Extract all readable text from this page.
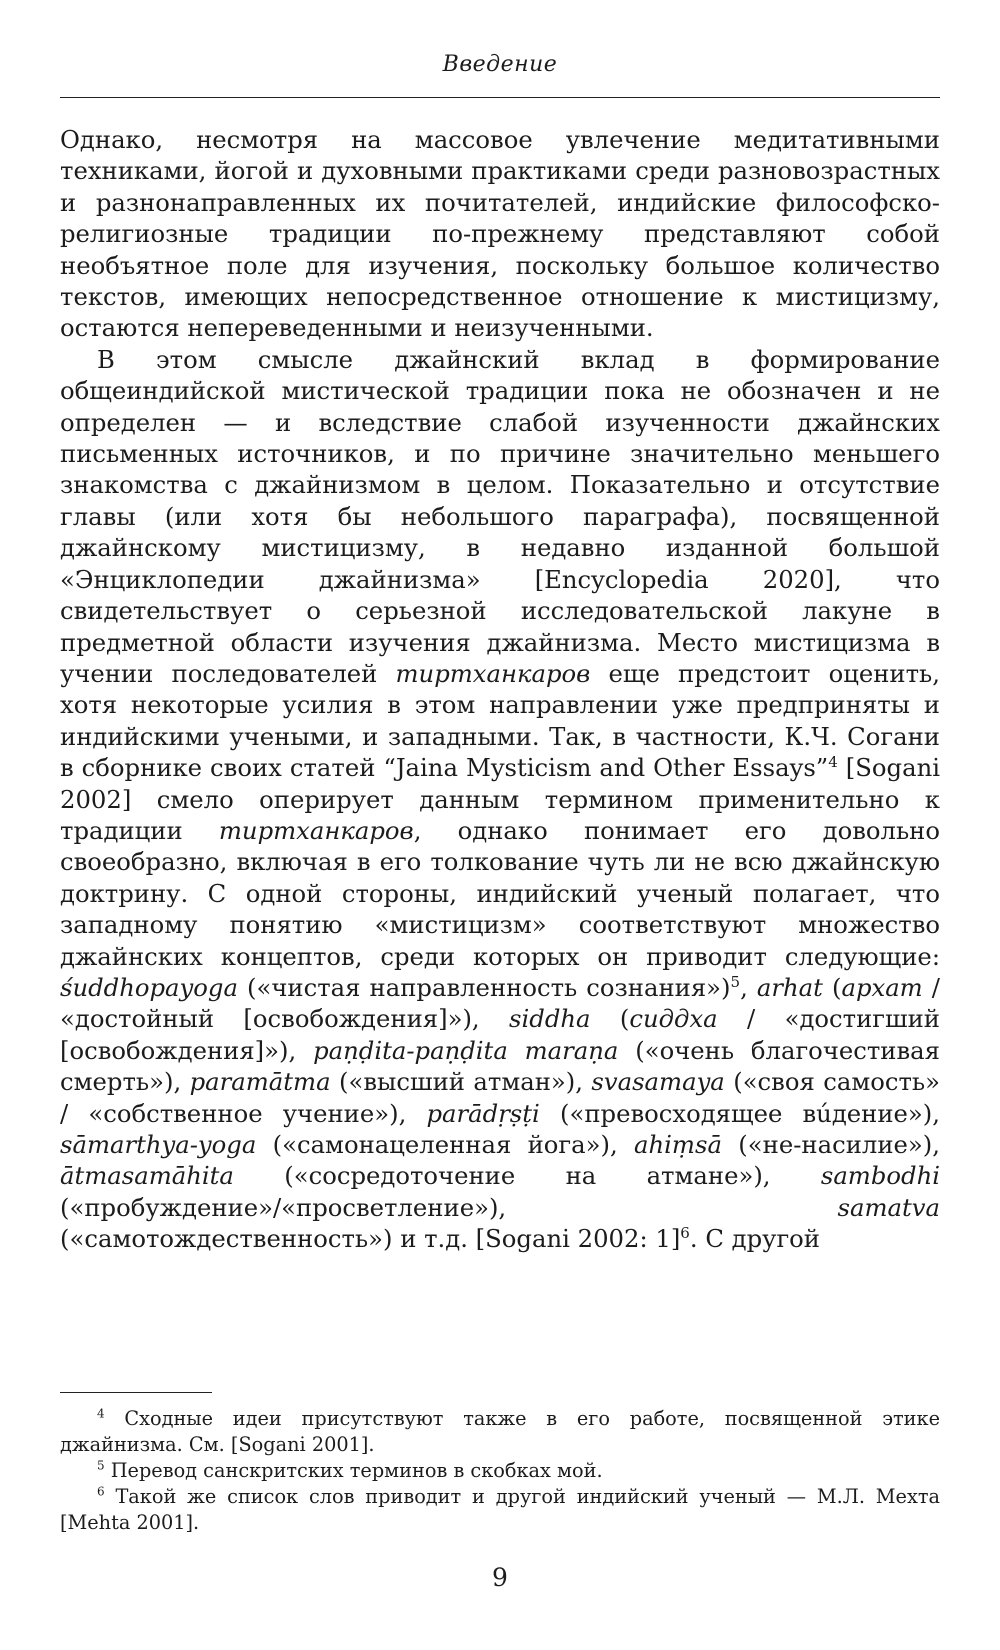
Введение

Однако, несмотря на массовое увлечение медитативными техниками, йогой и духовными практиками среди разновозрастных и разнонаправленных их почитателей, индийские философско-религиозные традиции по-прежнему представляют собой необъятное поле для изучения, поскольку большое количество текстов, имеющих непосредственное отношение к мистицизму, остаются непереведенными и неизученными.

В этом смысле джайнский вклад в формирование общеиндийской мистической традиции пока не обозначен и не определен — и вследствие слабой изученности джайнских письменных источников, и по причине значительно меньшего знакомства с джайнизмом в целом. Показательно и отсутствие главы (или хотя бы небольшого параграфа), посвященной джайнскому мистицизму, в недавно изданной большой «Энциклопедии джайнизма» [Encyclopedia 2020], что свидетельствует о серьезной исследовательской лакуне в предметной области изучения джайнизма. Место мистицизма в учении последователей тиртханкаров еще предстоит оценить, хотя некоторые усилия в этом направлении уже предприняты и индийскими учеными, и западными. Так, в частности, К.Ч. Согани в сборнике своих статей “Jaina Mysticism and Other Essays”$^4$ [Sogani 2002] смело оперирует данным термином применительно к традиции тиртханкаров, однако понимает его довольно своеобразно, включая в его толкование чуть ли не всю джайнскую доктрину. С одной стороны, индийский ученый полагает, что западному понятию «мистицизм» соответствуют множество джайнских концептов, среди которых он приводит следующие: śuddhopayoga («чистая направленность сознания»)$^5$, arhat (архат / «достойный [освобождения]»), siddha (сиддха / «достигший [освобождения]»), paṇḍita-paṇḍita maraṇa («очень благочестивая смерть»), paramātma («высший атман»), svasamaya («своя самость» / «собственное учение»), parādṛṣṭi («превосходящее вúдение»), sāmarthya-yoga («самонацеленная йога»), ahiṃsā («не-насилие»), ātmasamāhita («сосредоточение на атмане»), sambodhi («пробуждение»/«просветление»), samatva («самотождественность») и т.д. [Sogani 2002: 1]$^6$. С другой

$^4$ Сходные идеи присутствуют также в его работе, посвященной этике джайнизма. См. [Sogani 2001].

$^5$ Перевод санскритских терминов в скобках мой.

$^6$ Такой же список слов приводит и другой индийский ученый — М.Л. Мехта [Mehta 2001].

9
